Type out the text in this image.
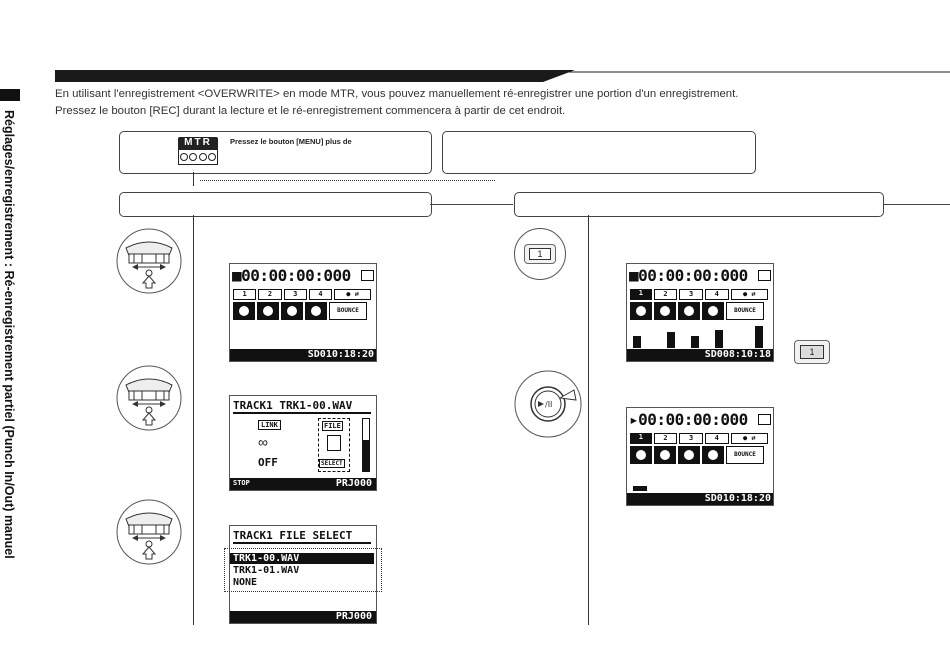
Réglages/enregistrement : Ré-enregistrement partiel (Punch In/Out) manuel
En utilisant l'enregistrement <OVERWRITE> en mode MTR, vous pouvez manuellement ré-enregistrer une portion d'un enregistrement.
Pressez le bouton [REC] durant la lecture et le ré-enregistrement commencera à partir de cet endroit.
MTR	Pressez le bouton [MENU] plus de
1
/II
1
■00:00:00:000
1	2	3	4	● ⇄
BOUNCE
SD010:18:20
TRACK1 TRK1-00.WAV
LINK
∞
OFF
FILE
SELECT
STOP	PRJ000
TRACK1 FILE SELECT
TRK1-00.WAV
TRK1-01.WAV
NONE
PRJ000
■00:00:00:000
1	2	3	4	● ⇄
BOUNCE
SD008:10:18
▸00:00:00:000
1	2	3	4	● ⇄
BOUNCE
SD010:18:20
